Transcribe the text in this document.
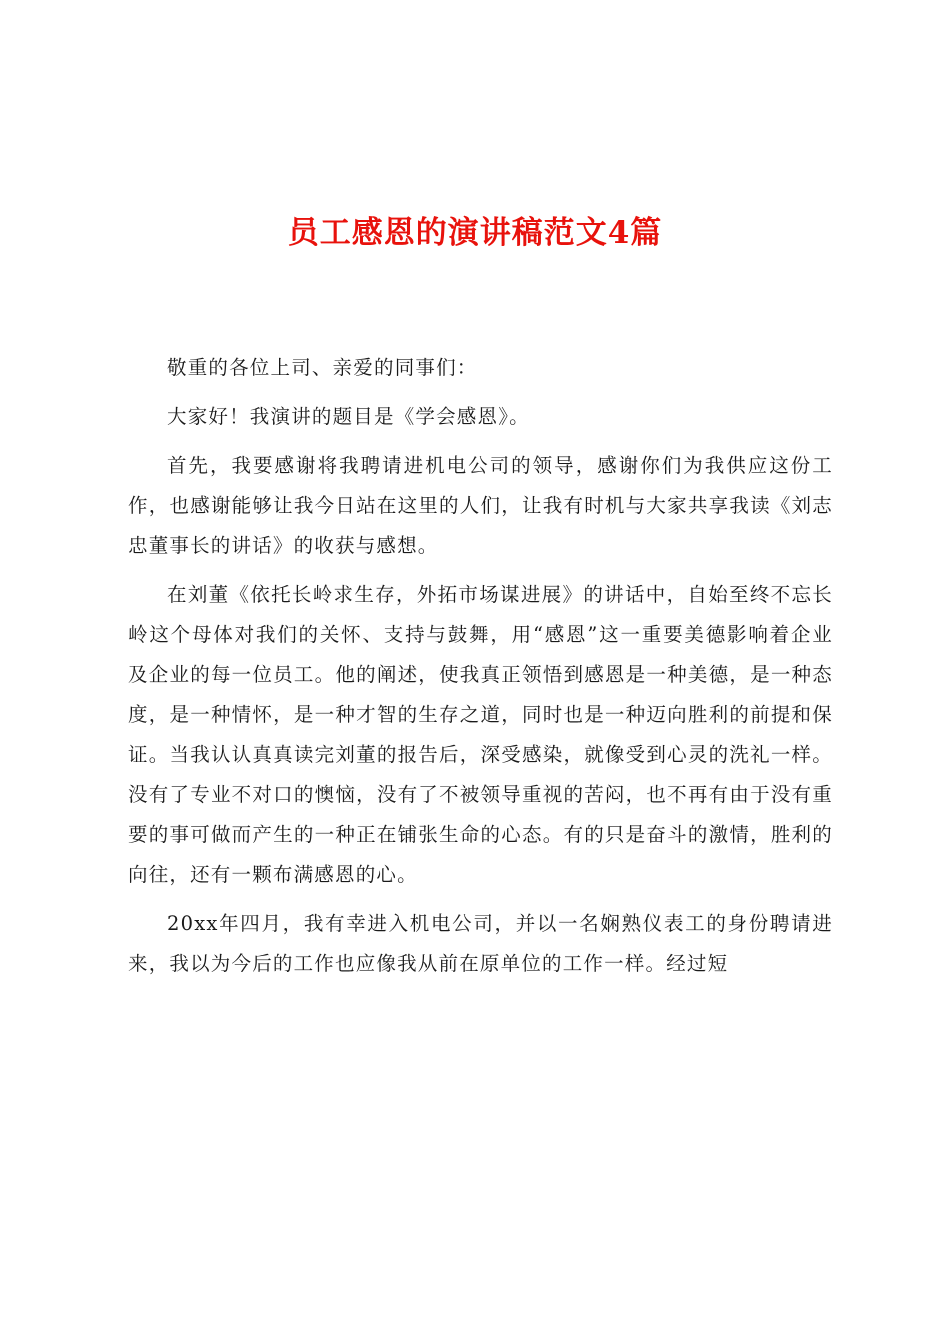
员工感恩的演讲稿范文4篇

敬重的各位上司、亲爱的同事们：

大家好！我演讲的题目是《学会感恩》。

首先，我要感谢将我聘请进机电公司的领导，感谢你们为我供应这份工作，也感谢能够让我今日站在这里的人们，让我有时机与大家共享我读《刘志忠董事长的讲话》的收获与感想。

在刘董《依托长岭求生存，外拓市场谋进展》的讲话中，自始至终不忘长岭这个母体对我们的关怀、支持与鼓舞，用“感恩”这一重要美德影响着企业及企业的每一位员工。他的阐述，使我真正领悟到感恩是一种美德，是一种态度，是一种情怀，是一种才智的生存之道，同时也是一种迈向胜利的前提和保证。当我认认真真读完刘董的报告后，深受感染，就像受到心灵的洗礼一样。没有了专业不对口的懊恼，没有了不被领导重视的苦闷，也不再有由于没有重要的事可做而产生的一种正在铺张生命的心态。有的只是奋斗的激情，胜利的向往，还有一颗布满感恩的心。

20xx年四月，我有幸进入机电公司，并以一名娴熟仪表工的身份聘请进来，我以为今后的工作也应像我从前在原单位的工作一样。经过短
